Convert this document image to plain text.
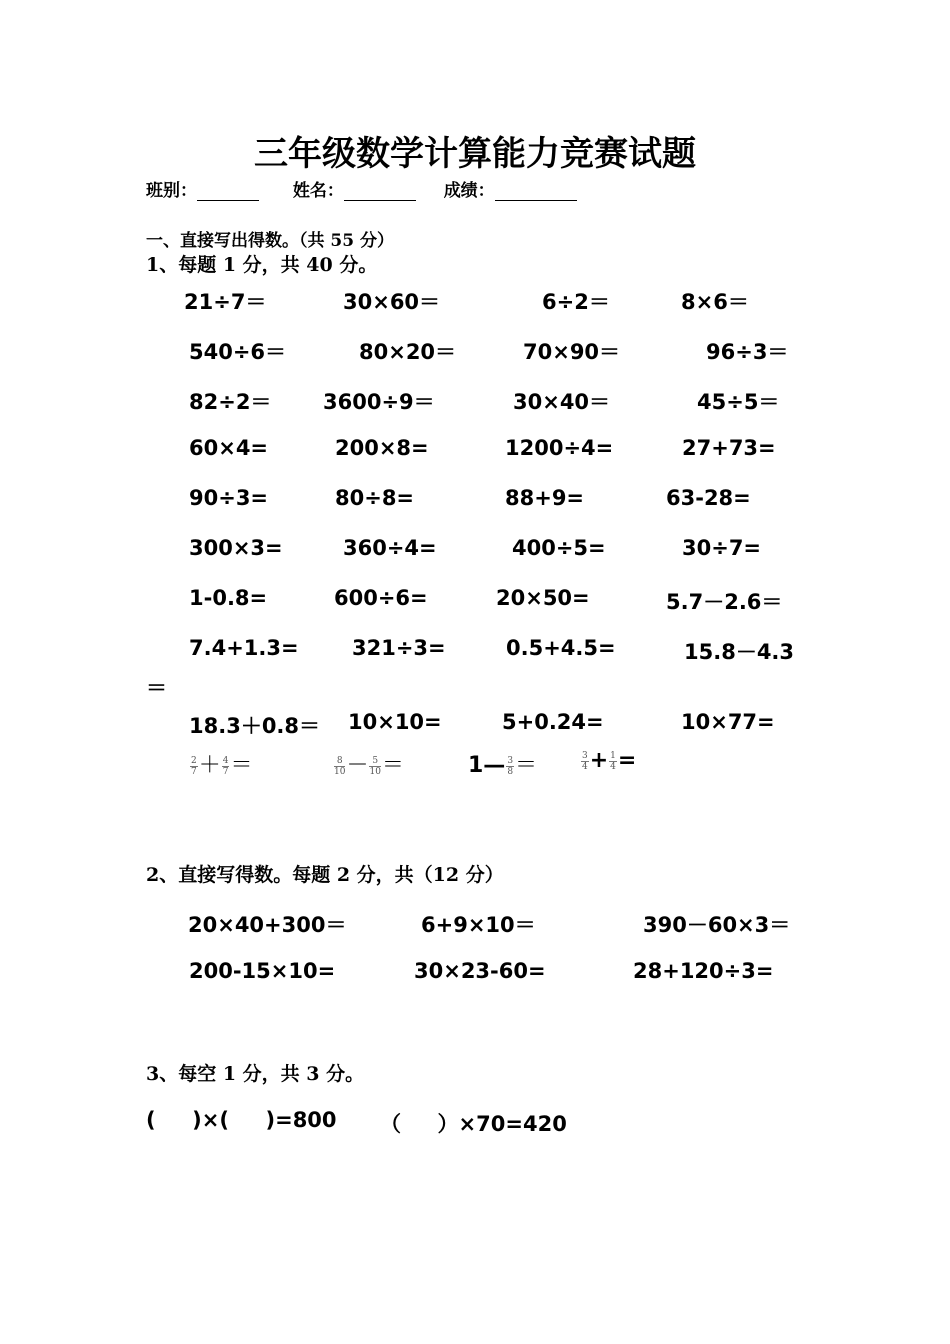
三年级数学计算能力竞赛试题
班别：	姓名：	成绩：
一、直接写出得数。（共 55 分）
1、每题 1 分，共 40 分。
21÷7＝	30×60＝	6÷2＝	8×6＝
540÷6＝	80×20＝	70×90＝	96÷3＝
82÷2＝ 3600÷9＝	30×40＝	45÷5＝
60×4=	200×8=	1200÷4=	27+73=
90÷3=	80÷8=	88+9=	63-28=
300×3=	360÷4=	400÷5=	30÷7=
1-0.8=	600÷6=	20×50=	5.7－2.6＝
7.4+1.3=	321÷3=	0.5+4.5=	15.8－4.3
＝
18.3＋0.8＝ 10×10=	5+0.24=	10×77=
$\frac{2}{7} + \frac{4}{7}$ ＝	$\frac{8}{10} - \frac{5}{10}$ ＝	1— $\frac{3}{8}$ ＝	$\frac{3}{4} + \frac{1}{4}$ =
2、直接写得数。每题 2 分，共（12 分）
20×40+300＝	6+9×10＝	390－60×3＝
200-15×10=	30×23-60=	28+120÷3=
3、每空 1 分，共 3 分。
(     )×(     )=800 （     ）×70=420
